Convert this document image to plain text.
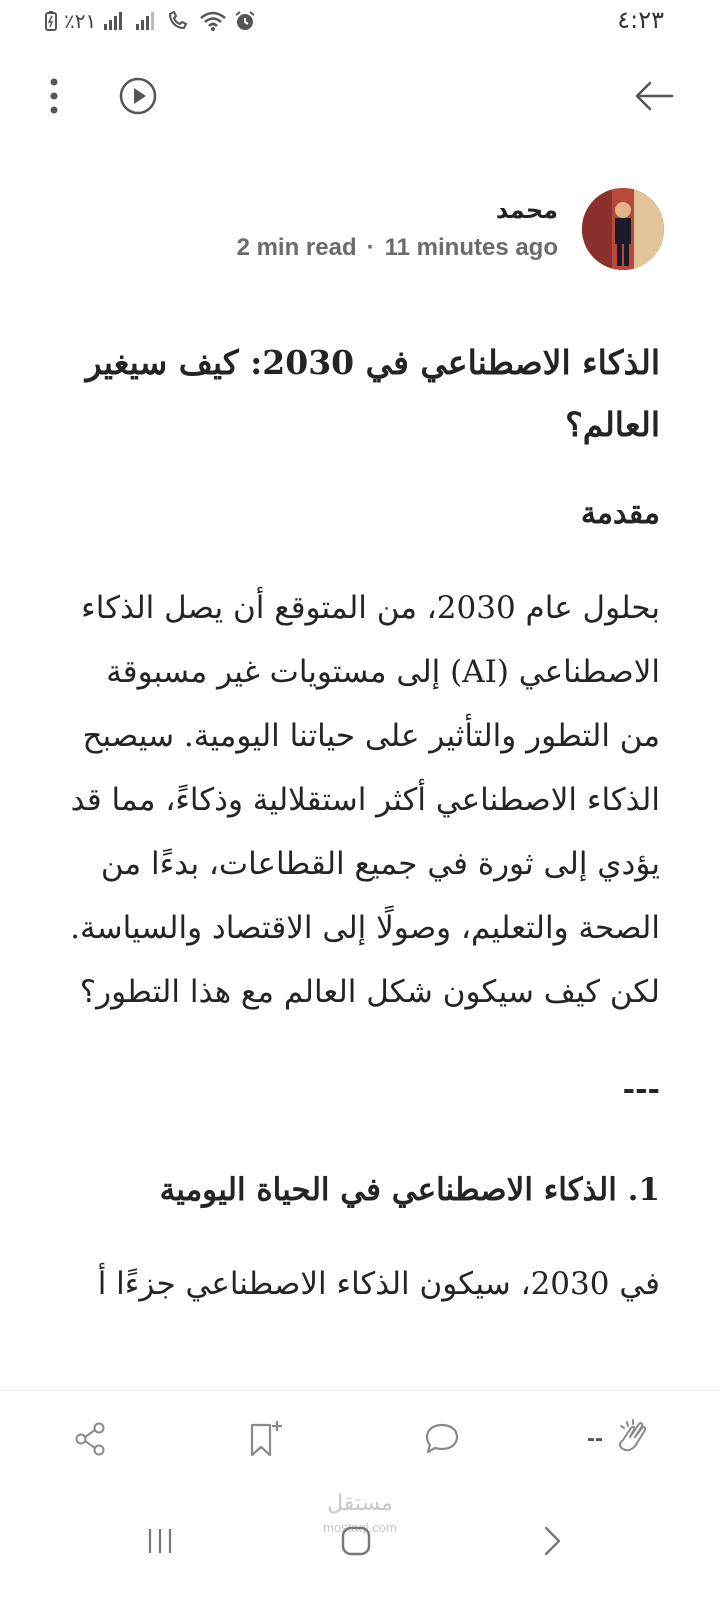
٪٢١	٤:٢٣
محمد
2 min read · 11 minutes ago
الذكاء الاصطناعي في 2030: كيف سيغير العالم؟
مقدمة

بحلول عام 2030، من المتوقع أن يصل الذكاء الاصطناعي (AI) إلى مستويات غير مسبوقة من التطور والتأثير على حياتنا اليومية. سيصبح الذكاء الاصطناعي أكثر استقلالية وذكاءً، مما قد يؤدي إلى ثورة في جميع القطاعات، بدءًا من الصحة والتعليم، وصولًا إلى الاقتصاد والسياسة. لكن كيف سيكون شكل العالم مع هذا التطور؟

---
1. الذكاء الاصطناعي في الحياة اليومية

في 2030، سيكون الذكاء الاصطناعي جزءًا أ

--
مستقل
mostaql.com
